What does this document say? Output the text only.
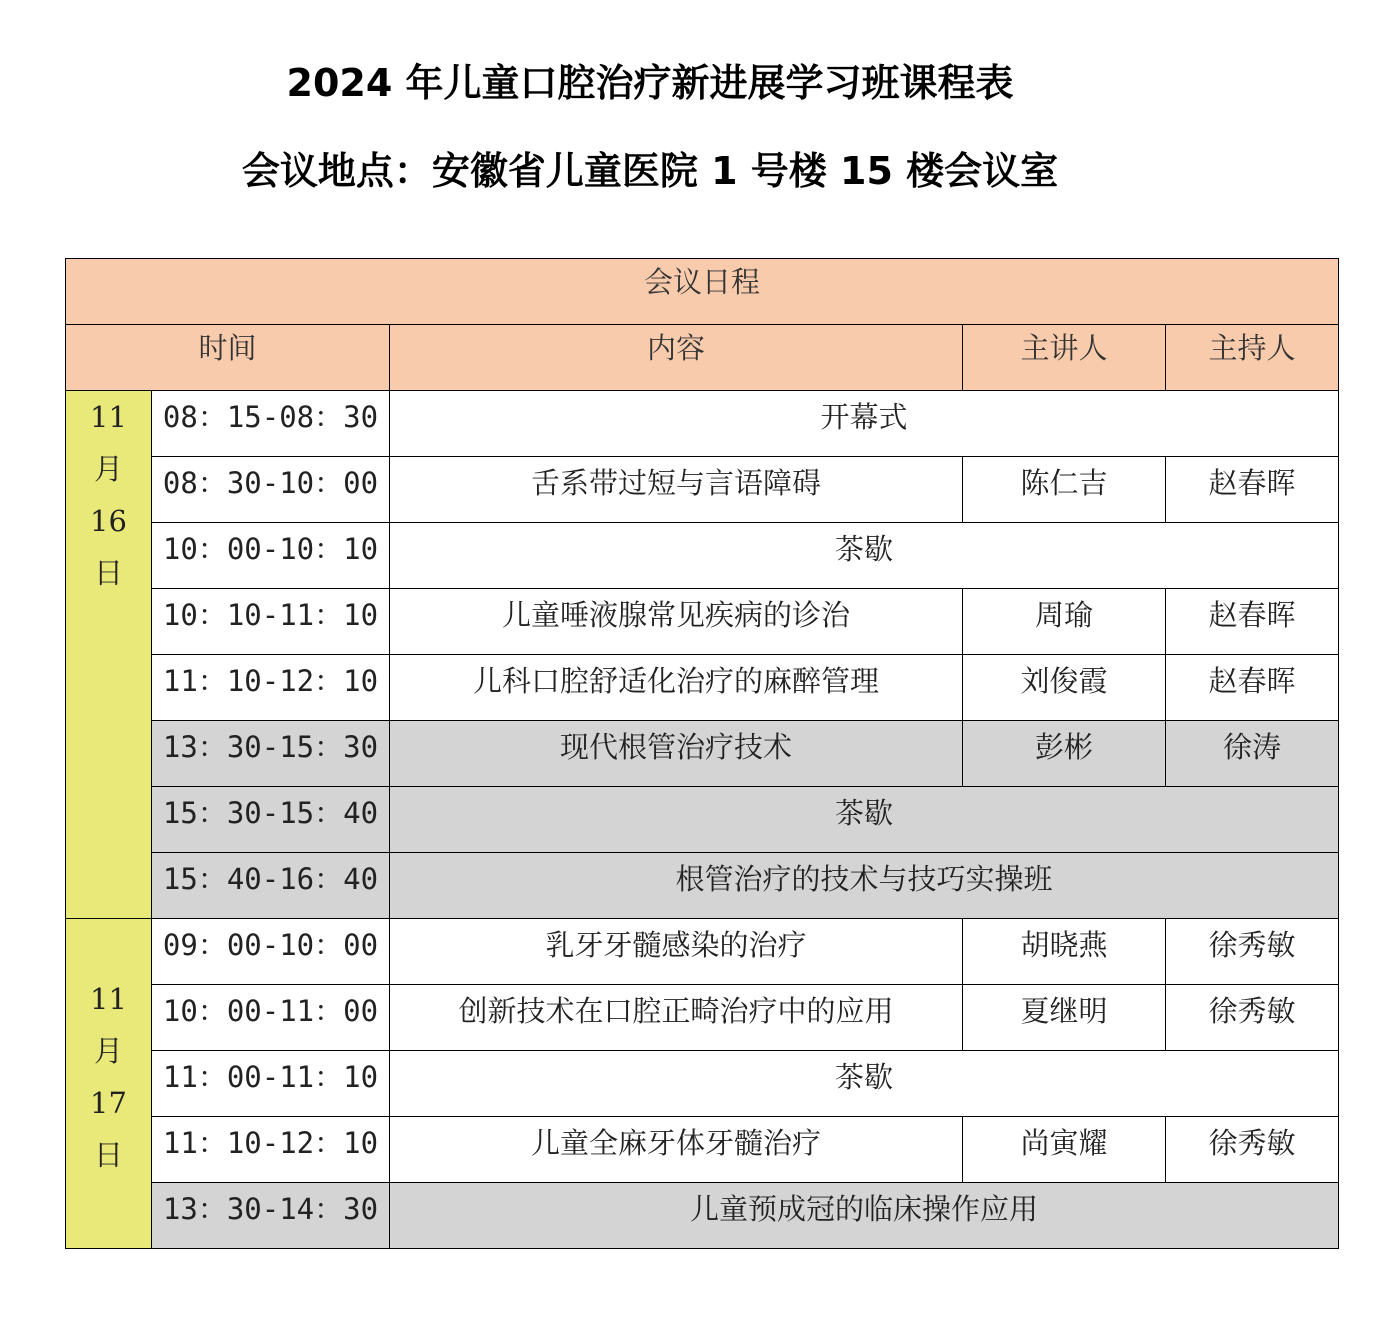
2024 年儿童口腔治疗新进展学习班课程表
会议地点：安徽省儿童医院 1 号楼 15 楼会议室
会议日程				
时间		内容	主讲人	主持人

11
月
16
日	08：15-08：30	开幕式		
	08：30-10：00	舌系带过短与言语障碍	陈仁吉	赵春晖
	10：00-10：10	茶歇		
	10：10-11：10	儿童唾液腺常见疾病的诊治	周瑜	赵春晖
	11：10-12：10	儿科口腔舒适化治疗的麻醉管理	刘俊霞	赵春晖
	13：30-15：30	现代根管治疗技术	彭彬	徐涛
	15：30-15：40	茶歇		
	15：40-16：40	根管治疗的技术与技巧实操班		

11
月
17
日	09：00-10：00	乳牙牙髓感染的治疗	胡晓燕	徐秀敏
	10：00-11：00	创新技术在口腔正畸治疗中的应用	夏继明	徐秀敏
	11：00-11：10	茶歇		
	11：10-12：10	儿童全麻牙体牙髓治疗	尚寅耀	徐秀敏
	13：30-14：30	儿童预成冠的临床操作应用		
